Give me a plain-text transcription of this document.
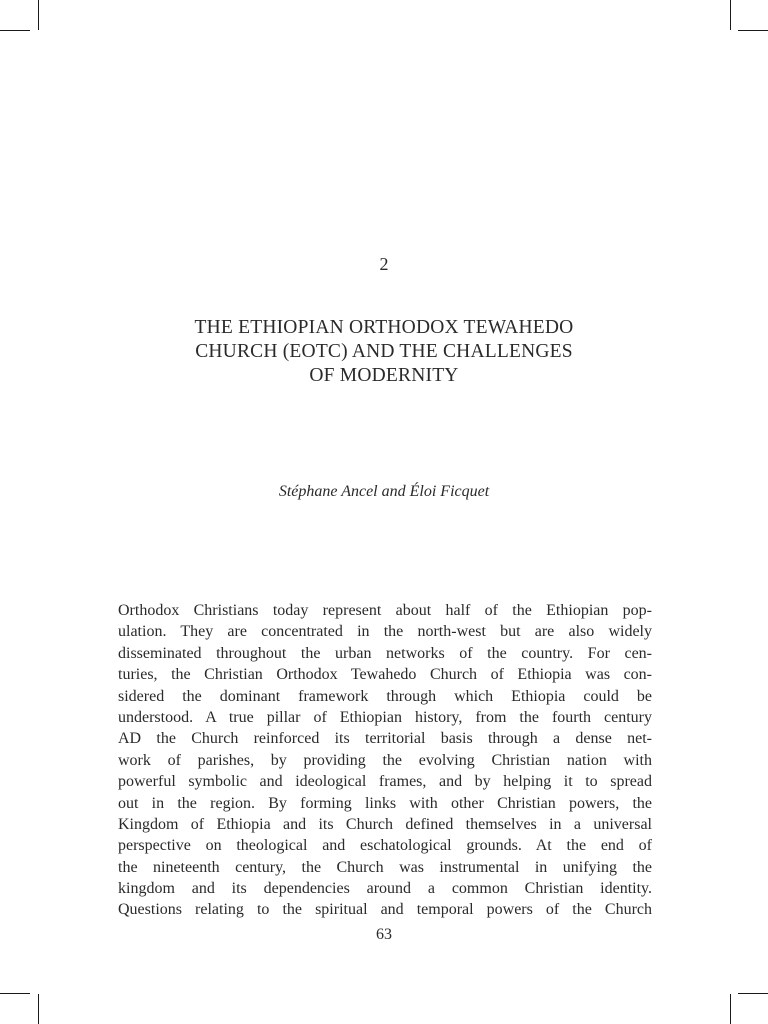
2
THE ETHIOPIAN ORTHODOX TEWAHEDO
CHURCH (EOTC) AND THE CHALLENGES
OF MODERNITY
Stéphane Ancel and Éloi Ficquet
Orthodox Christians today represent about half of the Ethiopian pop-
ulation. They are concentrated in the north-west but are also widely
disseminated throughout the urban networks of the country. For cen-
turies, the Christian Orthodox Tewahedo Church of Ethiopia was con-
sidered the dominant framework through which Ethiopia could be
understood. A true pillar of Ethiopian history, from the fourth century
AD the Church reinforced its territorial basis through a dense net-
work of parishes, by providing the evolving Christian nation with
powerful symbolic and ideological frames, and by helping it to spread
out in the region. By forming links with other Christian powers, the
Kingdom of Ethiopia and its Church defined themselves in a universal
perspective on theological and eschatological grounds. At the end of
the nineteenth century, the Church was instrumental in unifying the
kingdom and its dependencies around a common Christian identity.
Questions relating to the spiritual and temporal powers of the Church
63
